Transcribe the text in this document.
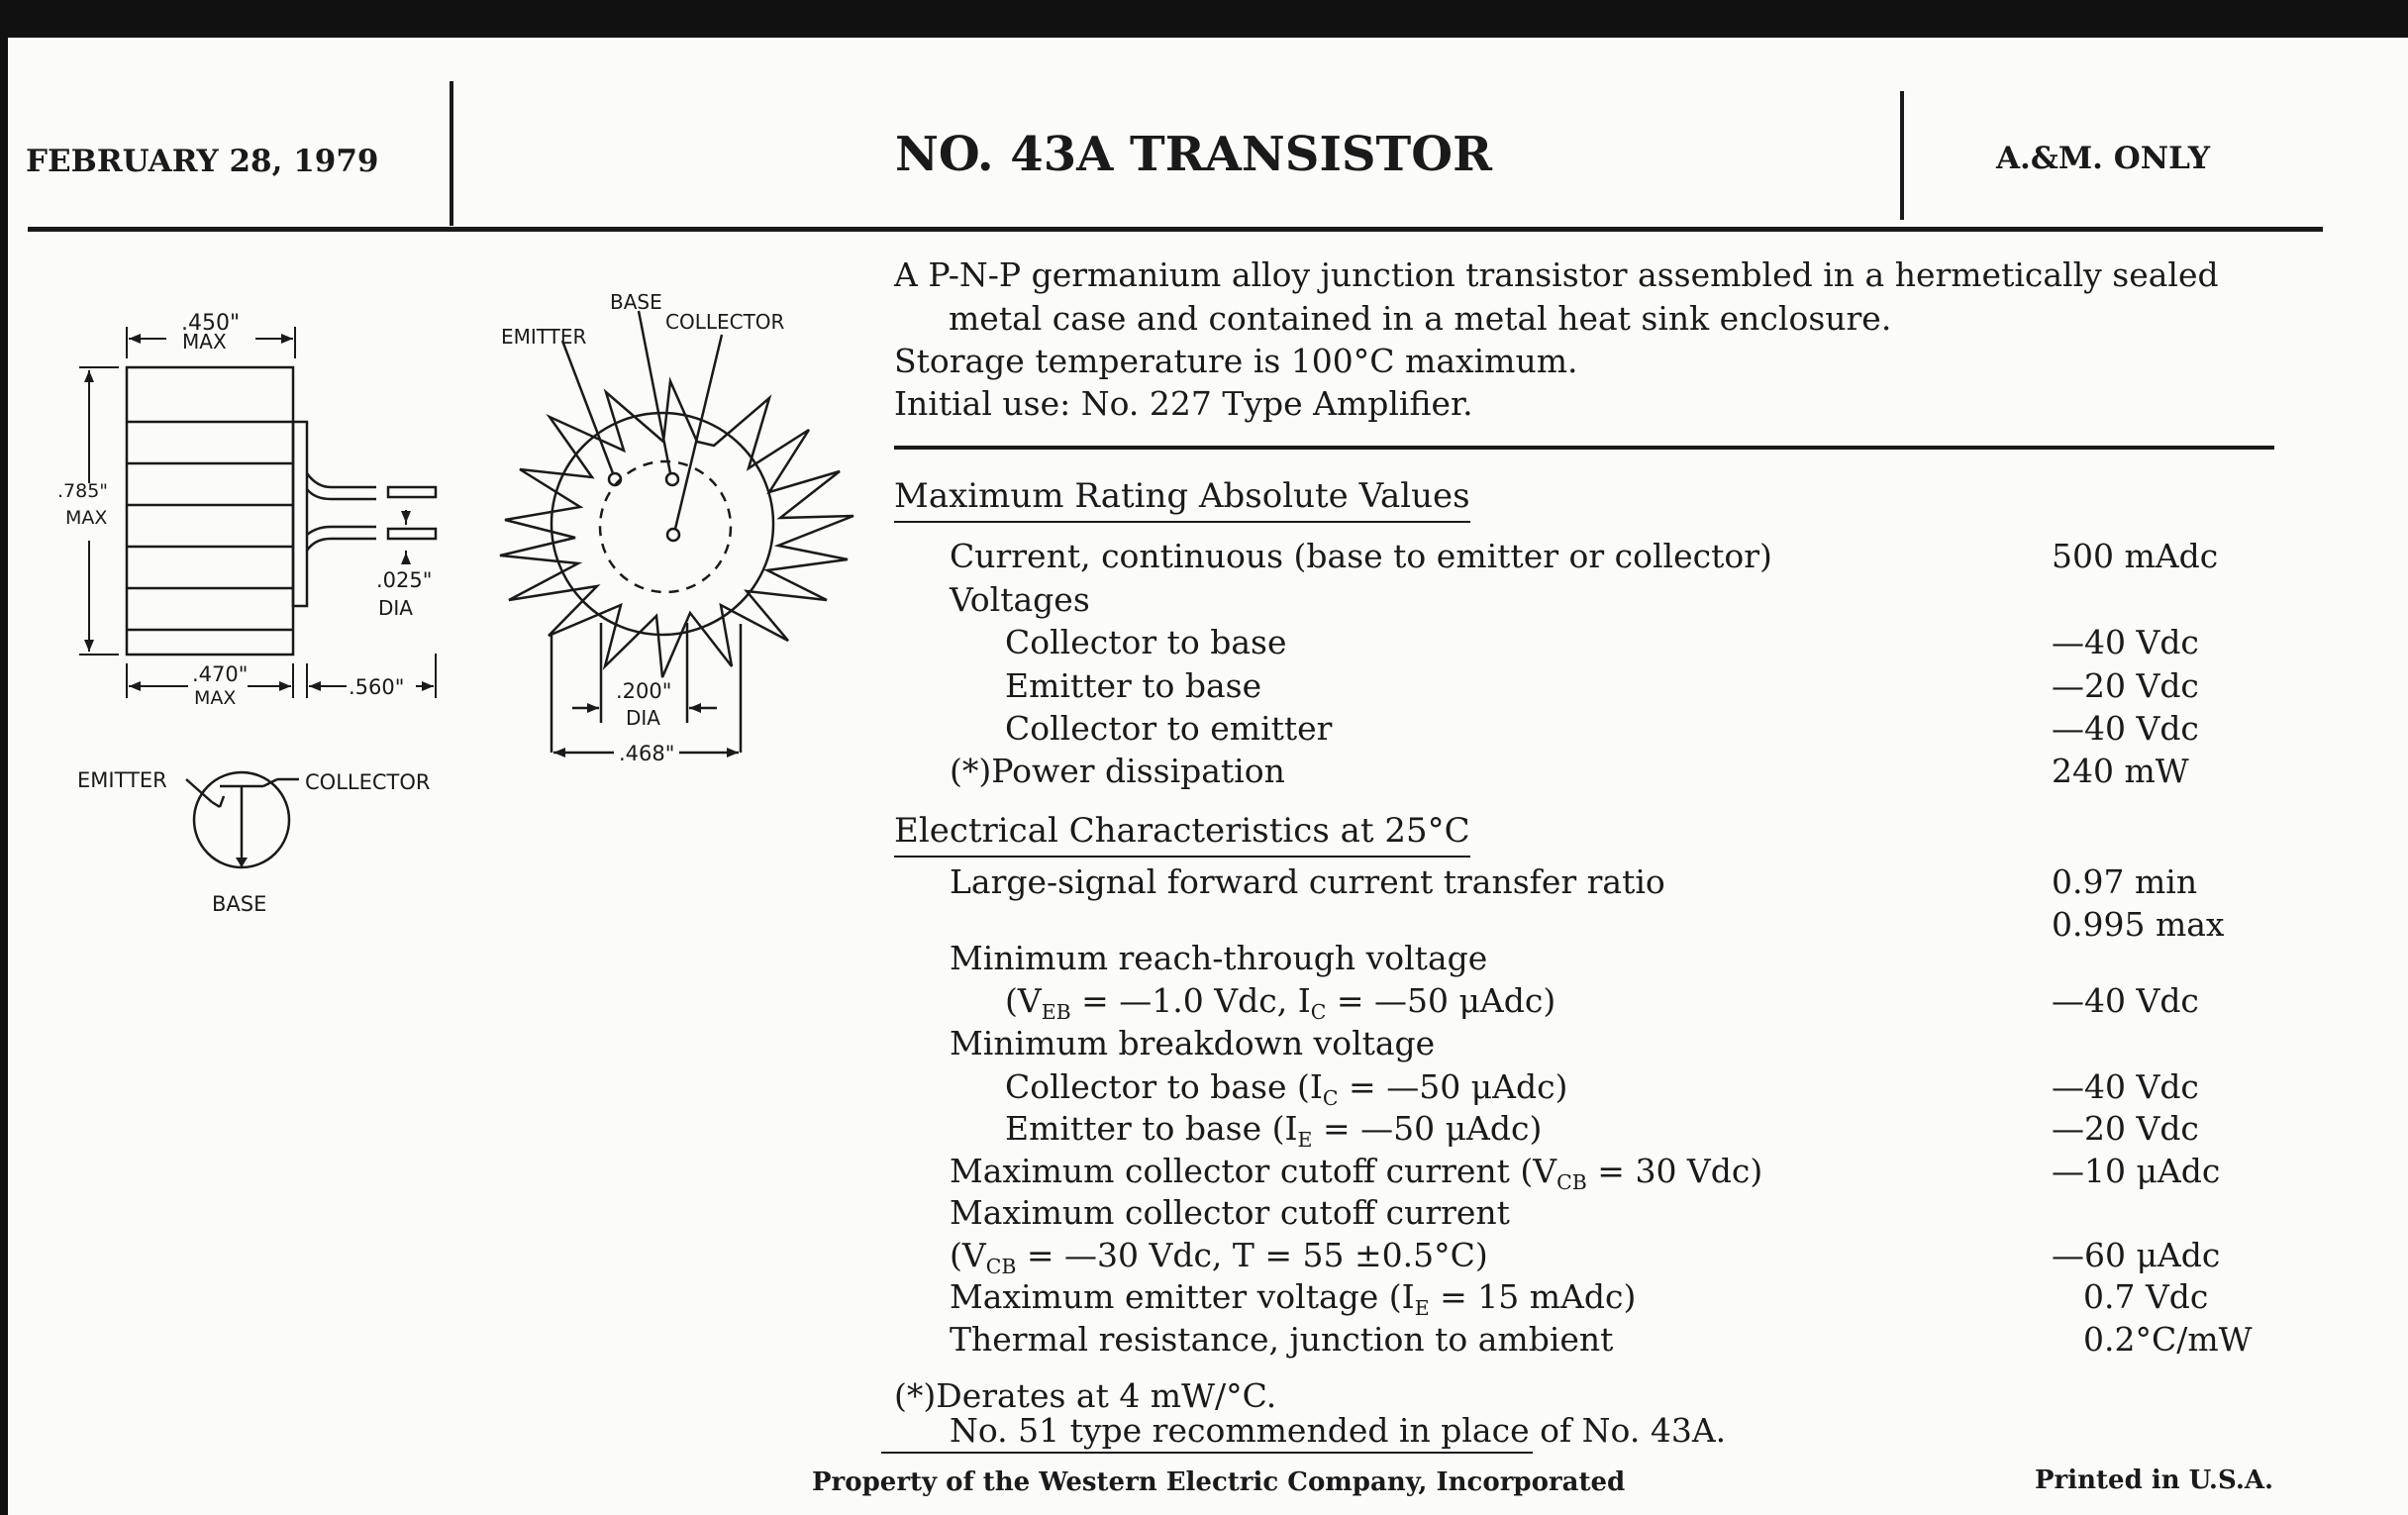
FEBRUARY 28, 1979	NO. 43A TRANSISTOR	A.&M. ONLY
.450"
MAX
.785"
MAX
.025"
DIA
.470"
MAX	.560"
BASE
COLLECTOR
EMITTER
.200"
DIA
.468"
EMITTER	COLLECTOR
BASE
A P-N-P germanium alloy junction transistor assembled in a hermetically sealed
metal case and contained in a metal heat sink enclosure.
Storage temperature is 100°C maximum.
Initial use: No. 227 Type Amplifier.
Maximum Rating Absolute Values
Current, continuous (base to emitter or collector)	500 mAdc
Voltages
Collector to base	—40 Vdc
Emitter to base	—20 Vdc
Collector to emitter	—40 Vdc
(*)Power dissipation	240 mW
Electrical Characteristics at 25°C
Large-signal forward current transfer ratio	0.97 min
0.995 max
Minimum reach-through voltage
($V_{EB}$ = —1.0 Vdc, $I_C$ = —50 μAdc)	—40 Vdc
Minimum breakdown voltage
Collector to base ($I_C$ = —50 μAdc)	—40 Vdc
Emitter to base ($I_E$ = —50 μAdc)	—20 Vdc
Maximum collector cutoff current ($V_{CB} = 30$ Vdc)	—10 μAdc
Maximum collector cutoff current
($V_{CB}$ = —30 Vdc, T = 55 ±0.5°C)	—60 μAdc
Maximum emitter voltage ($I_E = 15$ mAdc)	0.7 Vdc
Thermal resistance, junction to ambient	0.2°C/mW
(*)Derates at 4 mW/°C.
No. 51 type recommended in place of No. 43A.
Property of the Western Electric Company, Incorporated	Printed in U.S.A.
